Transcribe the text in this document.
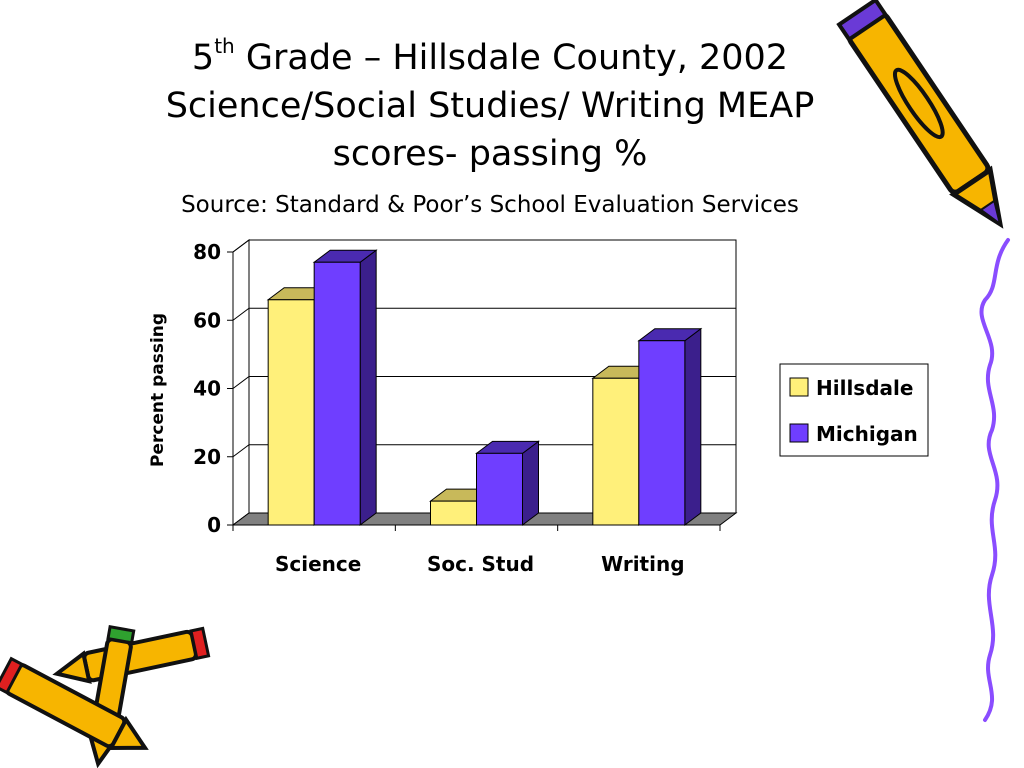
5th Grade – Hillsdale County, 2002
Science/Social Studies/ Writing MEAP
scores- passing %
Source: Standard & Poor’s School Evaluation Services
0
20
40
60
80
Science	Soc. Stud	Writing
Percent passing	Hillsdale
Michigan
